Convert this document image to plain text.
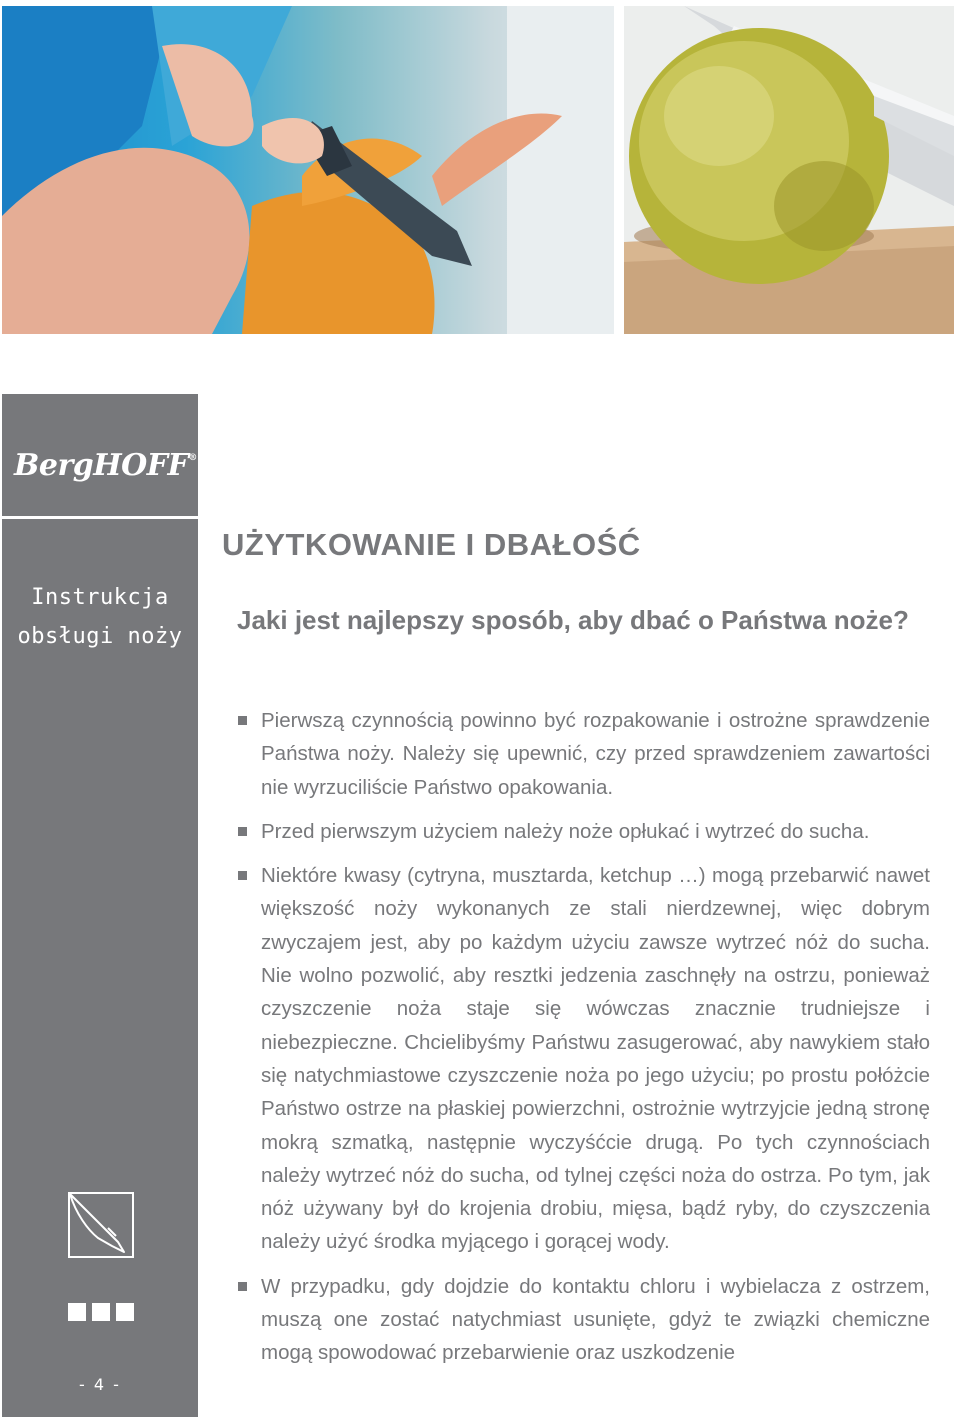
BergHOFF®
Instrukcja
obsługi noży
- 4 -
UŻYTKOWANIE I DBAŁOŚĆ
Jaki jest najlepszy sposób, aby dbać o Państwa noże?
Pierwszą czynnością powinno być rozpakowanie i ostrożne sprawdzenie Państwa noży. Należy się upewnić, czy przed sprawdzeniem zawartości nie wyrzuciliście Państwo opakowania.
Przed pierwszym użyciem należy noże opłukać i wytrzeć do sucha.
Niektóre kwasy (cytryna, musztarda, ketchup …) mogą przebarwić nawet większość noży wykonanych ze stali nierdzewnej, więc dobrym zwyczajem jest, aby po każdym użyciu zawsze wytrzeć nóż do sucha. Nie wolno pozwolić, aby resztki jedzenia zaschnęły na ostrzu, ponieważ czyszczenie noża staje się wówczas znacznie trudniejsze i niebezpieczne. Chcielibyśmy Państwu zasugerować, aby nawykiem stało się natychmiastowe czyszczenie noża po jego użyciu; po prostu połóżcie Państwo ostrze na płaskiej powierzchni, ostrożnie wytrzyjcie jedną stronę mokrą szmatką, następnie wyczyśćcie drugą. Po tych czynnościach należy wytrzeć nóż do sucha, od tylnej części noża do ostrza. Po tym, jak nóż używany był do krojenia drobiu, mięsa, bądź ryby, do czyszczenia należy użyć środka myjącego i gorącej wody.
W przypadku, gdy dojdzie do kontaktu chloru i wybielacza z ostrzem, muszą one zostać natychmiast usunięte, gdyż te związki chemiczne mogą spowodować przebarwienie oraz uszkodzenie
